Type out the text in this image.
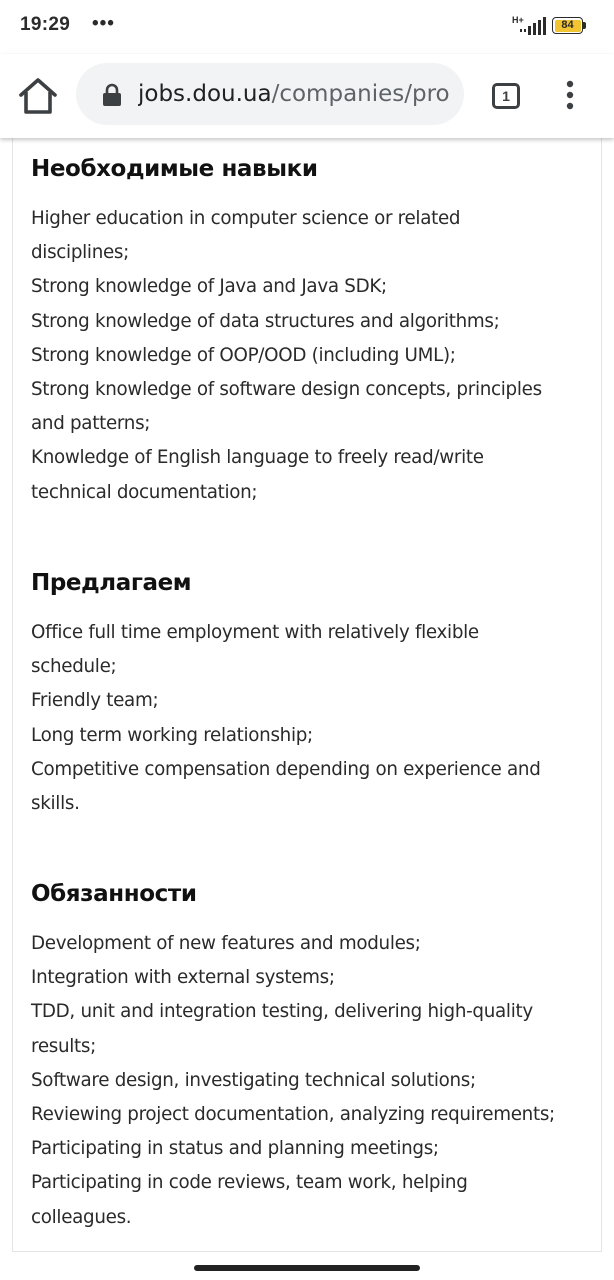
19:29 •••	H+	84
jobs.dou.ua/companies/pro	1
Необходимые навыки
Higher education in computer science or related
disciplines;
Strong knowledge of Java and Java SDK;
Strong knowledge of data structures and algorithms;
Strong knowledge of OOP/OOD (including UML);
Strong knowledge of software design concepts, principles
and patterns;
Knowledge of English language to freely read/write
technical documentation;
Предлагаем
Office full time employment with relatively flexible
schedule;
Friendly team;
Long term working relationship;
Competitive compensation depending on experience and
skills.
Обязанности
Development of new features and modules;
Integration with external systems;
TDD, unit and integration testing, delivering high-quality
results;
Software design, investigating technical solutions;
Reviewing project documentation, analyzing requirements;
Participating in status and planning meetings;
Participating in code reviews, team work, helping
colleagues.
